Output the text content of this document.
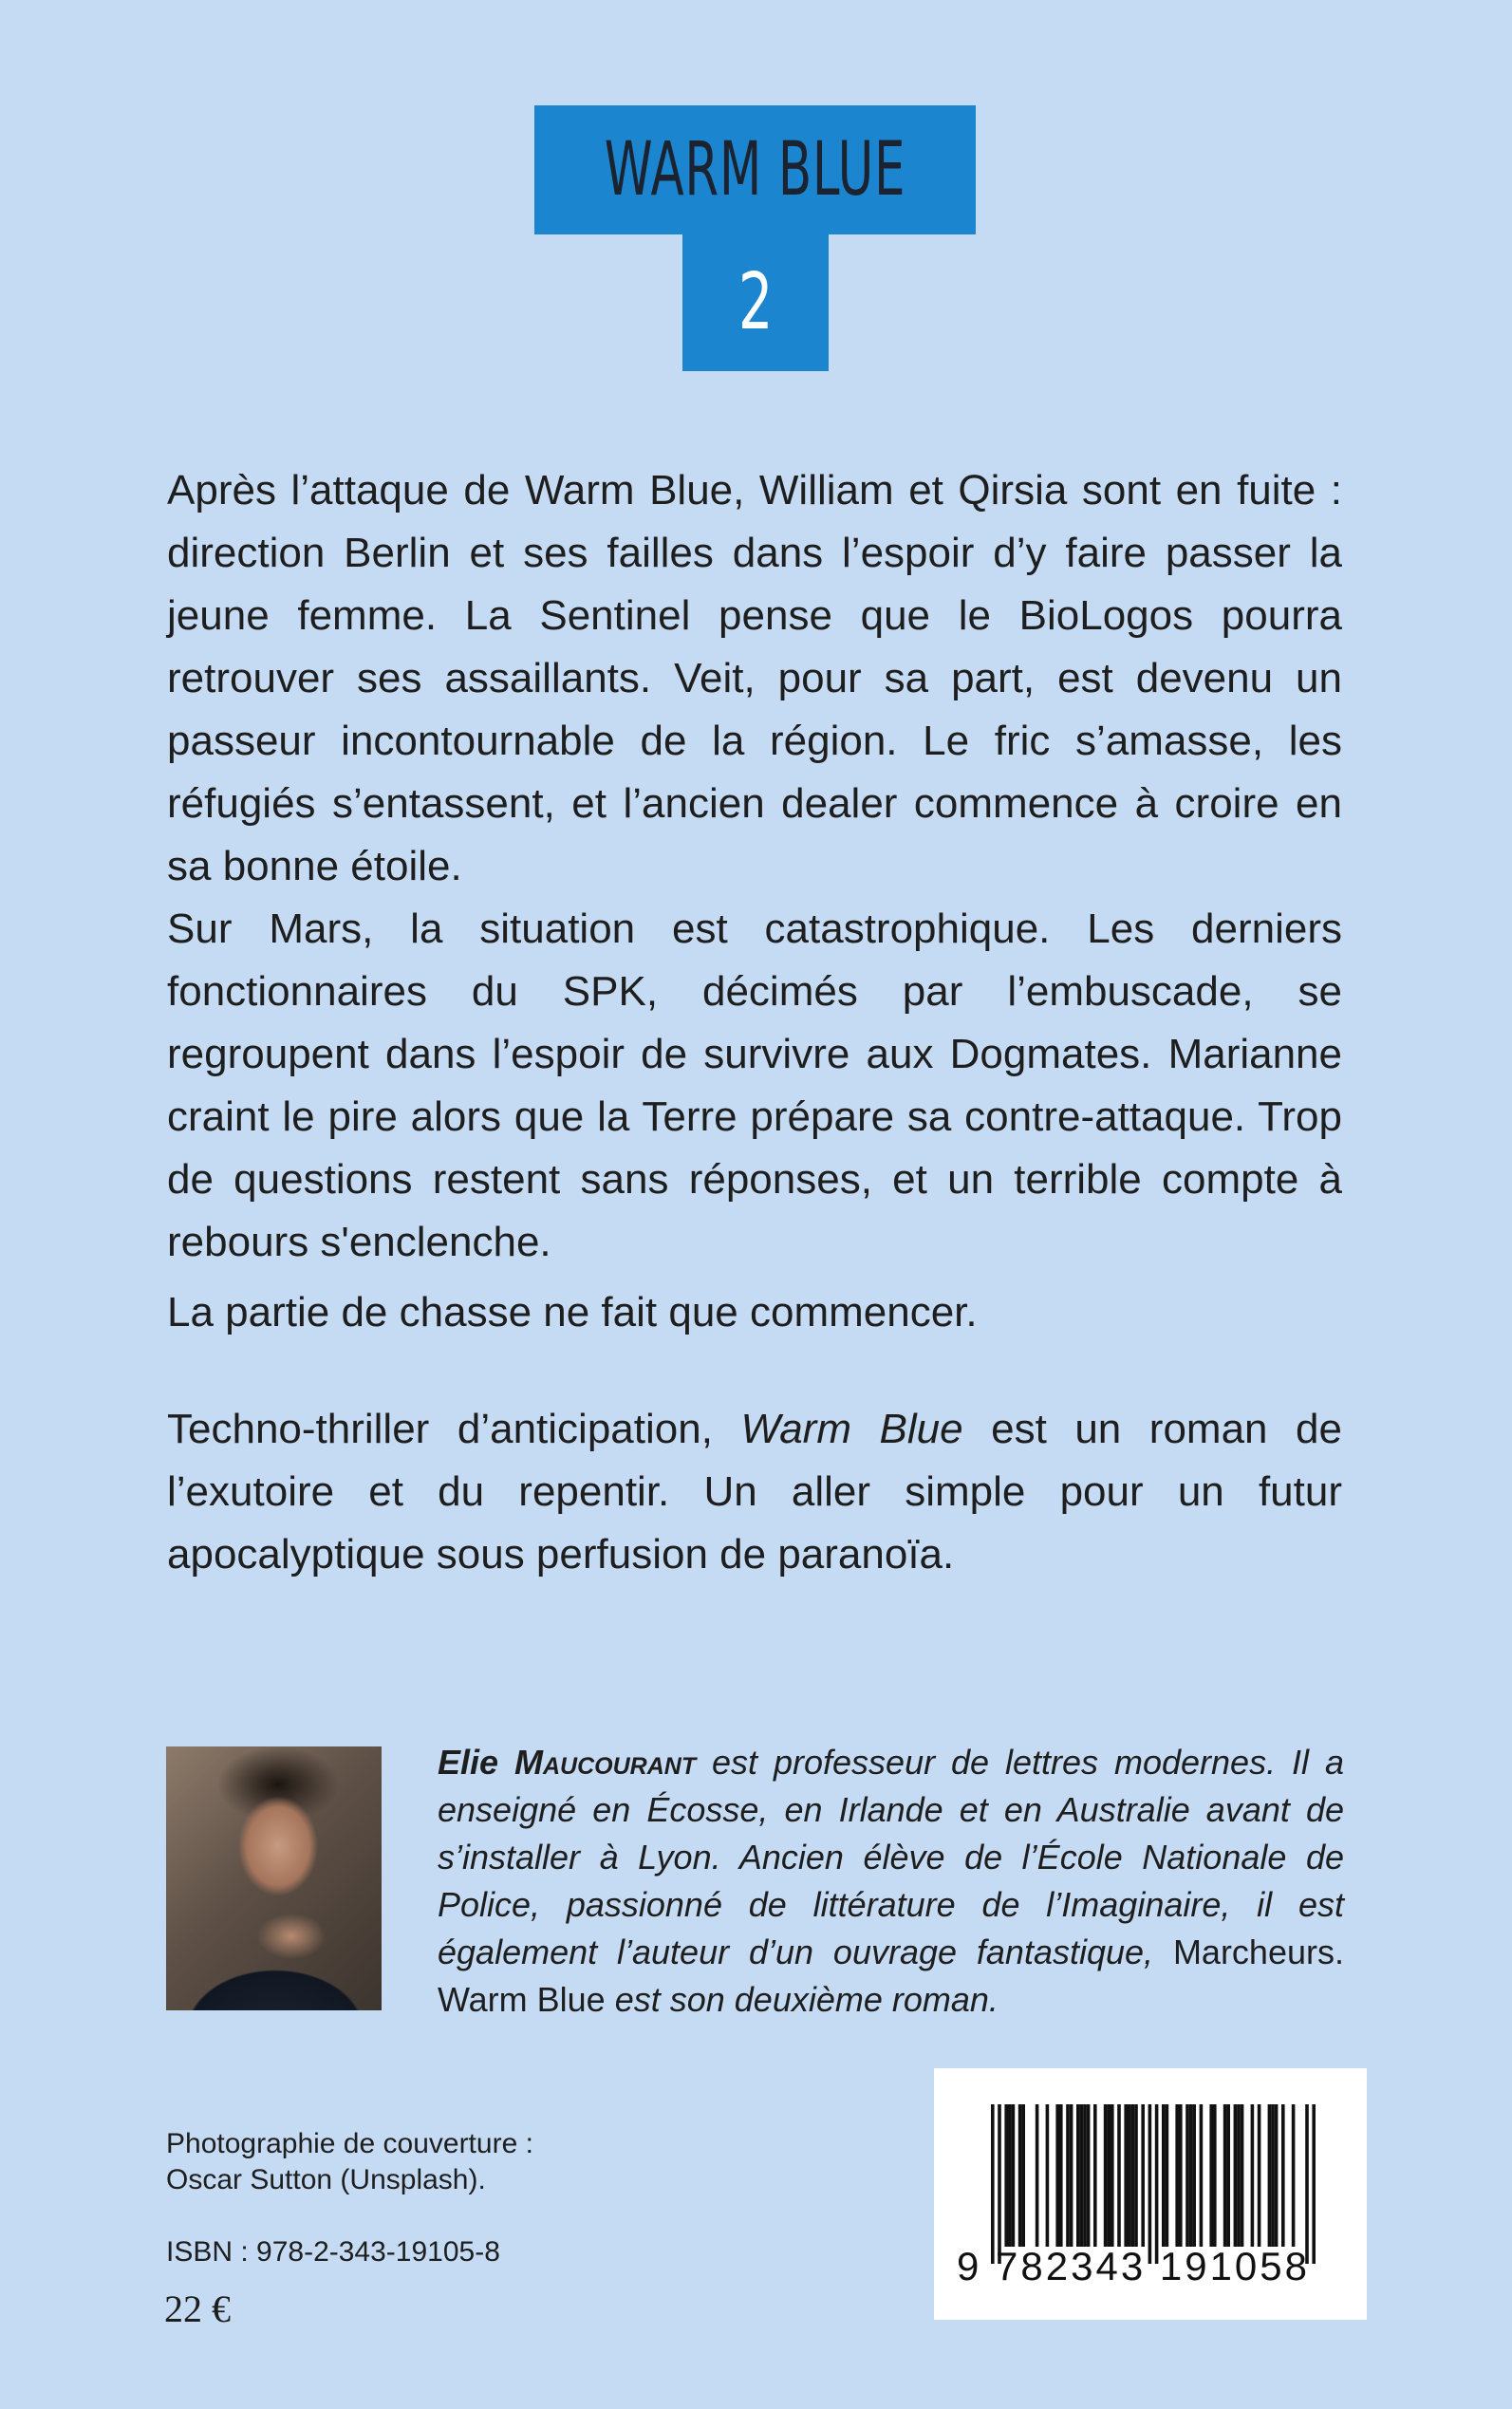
WARM BLUE
2

Après l’attaque de Warm Blue, William et Qirsia sont en fuite : direction Berlin et ses failles dans l’espoir d’y faire passer la jeune femme. La Sentinel pense que le BioLogos pourra retrouver ses assaillants. Veit, pour sa part, est devenu un passeur incontournable de la région. Le fric s’amasse, les réfugiés s’entassent, et l’ancien dealer commence à croire en sa bonne étoile.

Sur Mars, la situation est catastrophique. Les derniers fonctionnaires du SPK, décimés par l’embuscade, se regroupent dans l’espoir de survivre aux Dogmates. Marianne craint le pire alors que la Terre prépare sa contre-attaque. Trop de questions restent sans réponses, et un terrible compte à rebours s'enclenche.

La partie de chasse ne fait que commencer.

Techno-thriller d’anticipation, Warm Blue est un roman de l’exutoire et du repentir. Un aller simple pour un futur apocalyptique sous perfusion de paranoïa.

Elie Maucourant est professeur de lettres modernes. Il a enseigné en Écosse, en Irlande et en Australie avant de s’installer à Lyon. Ancien élève de l’École Nationale de Police, passionné de littérature de l’Imaginaire, il est également l’auteur d’un ouvrage fantastique, Marcheurs. Warm Blue est son deuxième roman.
Photographie de couverture :
Oscar Sutton (Unsplash).
ISBN : 978-2-343-19105-8
22 €
9 782343 191058
